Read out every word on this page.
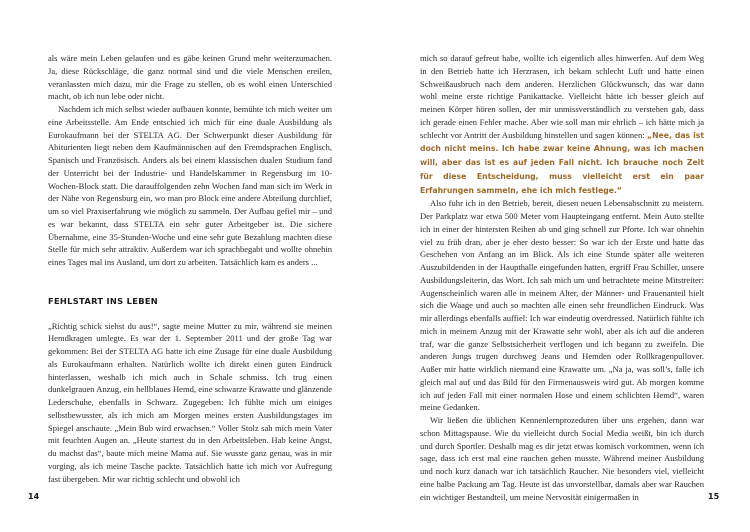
als wäre mein Leben gelaufen und es gäbe keinen Grund mehr weiterzumachen. Ja, diese Rückschläge, die ganz normal sind und die viele Menschen ereilen, veranlassten mich dazu, mir die Frage zu stellen, ob es wohl einen Unterschied macht, ob ich nun lebe oder nicht.

Nachdem ich mich selbst wieder aufbauen konnte, bemühte ich mich weiter um eine Arbeitsstelle. Am Ende entschied ich mich für eine duale Ausbildung als Eurokaufmann bei der STELTA AG. Der Schwerpunkt dieser Ausbildung für Abiturienten liegt neben dem Kaufmännischen auf den Fremdsprachen Englisch, Spanisch und Französisch. Anders als bei einem klassischen dualen Studium fand der Unterricht bei der Industrie- und Handelskammer in Regensburg im 10-Wochen-Block statt. Die darauffolgenden zehn Wochen fand man sich im Werk in der Nähe von Regensburg ein, wo man pro Block eine andere Abteilung durchlief, um so viel Praxiserfahrung wie möglich zu sammeln. Der Aufbau gefiel mir – und es war bekannt, dass STELTA ein sehr guter Arbeitgeber ist. Die sichere Übernahme, eine 35-Stunden-Woche und eine sehr gute Bezahlung machten diese Stelle für mich sehr attraktiv. Außerdem war ich sprachbegabt und wollte ohnehin eines Tages mal ins Ausland, um dort zu arbeiten. Tatsächlich kam es anders ...

FEHLSTART INS LEBEN

„Richtig schick siehst du aus!“, sagte meine Mutter zu mir, während sie meinen Hemdkragen umlegte. Es war der 1. September 2011 und der große Tag war gekommen: Bei der STELTA AG hatte ich eine Zusage für eine duale Ausbildung als Eurokaufmann erhalten. Natürlich wollte ich direkt einen guten Eindruck hinterlassen, weshalb ich mich auch in Schale schmiss. Ich trug einen dunkelgrauen Anzug, ein hellblaues Hemd, eine schwarze Krawatte und glänzende Lederschuhe, ebenfalls in Schwarz. Zugegeben: Ich fühlte mich um einiges selbstbewusster, als ich mich am Morgen meines ersten Ausbildungstages im Spiegel anschaute. „Mein Bub wird erwachsen.“ Voller Stolz sah mich mein Vater mit feuchten Augen an. „Heute startest du in den Arbeitsleben. Hab keine Angst, du machst das“, baute mich meine Mama auf. Sie wusste ganz genau, was in mir vorging, als ich meine Tasche packte. Tatsächlich hatte ich mich vor Aufregung fast übergeben. Mir war richtig schlecht und obwohl ich

mich so darauf gefreut habe, wollte ich eigentlich alles hinwerfen. Auf dem Weg in den Betrieb hatte ich Herzrasen, ich bekam schlecht Luft und hatte einen Schweißausbruch nach dem anderen. Herzlichen Glückwunsch, das war dann wohl meine erste richtige Panikattacke. Vielleicht hätte ich besser gleich auf meinen Körper hören sollen, der mir unmissverständlich zu verstehen gab, dass ich gerade einen Fehler mache. Aber wie soll man mir ehrlich – ich hätte mich ja schlecht vor Antritt der Ausbildung hinstellen und sagen können: „Nee, das ist doch nicht meins. Ich habe zwar keine Ahnung, was ich machen will, aber das ist es auf jeden Fall nicht. Ich brauche noch Zeit für diese Entscheidung, muss vielleicht erst ein paar Erfahrungen sammeln, ehe ich mich festlege.“

Also fuhr ich in den Betrieb, bereit, diesen neuen Lebensabschnitt zu meistern. Der Parkplatz war etwa 500 Meter vom Haupteingang entfernt. Mein Auto stellte ich in einer der hintersten Reihen ab und ging schnell zur Pforte. Ich war ohnehin viel zu früh dran, aber je eher desto besser: So war ich der Erste und hatte das Geschehen von Anfang an im Blick. Als ich eine Stunde später alle weiteren Auszubildenden in der Haupthalle eingefunden hatten, ergriff Frau Schiller, unsere Ausbildungsleiterin, das Wort. Ich sah mich um und betrachtete meine Mitstreiter: Augenscheinlich waren alle in meinem Alter, der Männer- und Frauenanteil hielt sich die Waage und auch so machten alle einen sehr freundlichen Eindruck. Was mir allerdings ebenfalls auffiel: Ich war eindeutig overdressed. Natürlich fühlte ich mich in meinem Anzug mit der Krawatte sehr wohl, aber als ich auf die anderen traf, war die ganze Selbstsicherheit verflogen und ich begann zu zweifeln. Die anderen Jungs trugen durchweg Jeans und Hemden oder Rollkragenpullover. Außer mir hatte wirklich niemand eine Krawatte um. „Na ja, was soll’s, falle ich gleich mal auf und das Bild für den Firmenausweis wird gut. Ab morgen komme ich auf jeden Fall mit einer normalen Hose und einem schlichten Hemd“, waren meine Gedanken.

Wir ließen die üblichen Kennenlernprozeduren über uns ergehen, dann war schon Mittagspause. Wie du vielleicht durch Social Media weißt, bin ich durch und durch Sportler. Deshalb mag es dir jetzt etwas komisch vorkommen, wenn ich sage, dass ich erst mal eine rauchen gehen musste. Während meiner Ausbildung und noch kurz danach war ich tatsächlich Raucher. Nie besonders viel, vielleicht eine halbe Packung am Tag. Heute ist das unvorstellbar, damals aber war Rauchen ein wichtiger Bestandteil, um meine Nervosität einigermaßen in

14	15
